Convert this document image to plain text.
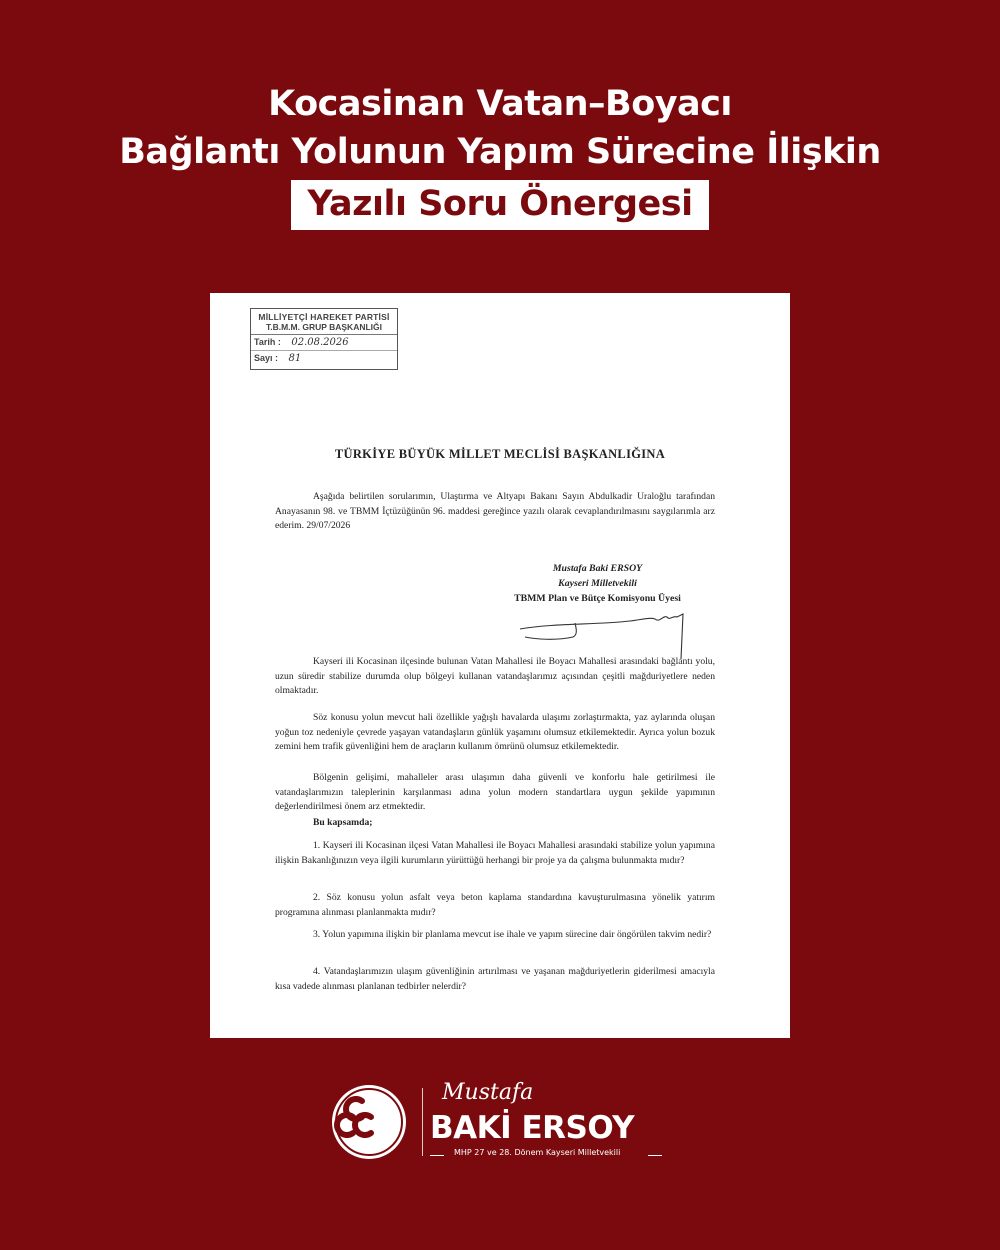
Kocasinan Vatan–Boyacı
Bağlantı Yolunun Yapım Sürecine İlişkin
Yazılı Soru Önergesi
MİLLİYETÇİ HAREKET PARTİSİ
T.B.M.M. GRUP BAŞKANLIĞI
Tarih : 02.08.2026
Sayı : 81
TÜRKİYE BÜYÜK MİLLET MECLİSİ BAŞKANLIĞINA
Aşağıda belirtilen sorularımın, Ulaştırma ve Altyapı Bakanı Sayın Abdulkadir Uraloğlu tarafından Anayasanın 98. ve TBMM İçtüzüğünün 96. maddesi gereğince yazılı olarak cevaplandırılmasını saygılarımla arz ederim. 29/07/2026
Mustafa Baki ERSOY
Kayseri Milletvekili
TBMM Plan ve Bütçe Komisyonu Üyesi
Kayseri ili Kocasinan ilçesinde bulunan Vatan Mahallesi ile Boyacı Mahallesi arasındaki bağlantı yolu, uzun süredir stabilize durumda olup bölgeyi kullanan vatandaşlarımız açısından çeşitli mağduriyetlere neden olmaktadır.
Söz konusu yolun mevcut hali özellikle yağışlı havalarda ulaşımı zorlaştırmakta, yaz aylarında oluşan yoğun toz nedeniyle çevrede yaşayan vatandaşların günlük yaşamını olumsuz etkilemektedir. Ayrıca yolun bozuk zemini hem trafik güvenliğini hem de araçların kullanım ömrünü olumsuz etkilemektedir.
Bölgenin gelişimi, mahalleler arası ulaşımın daha güvenli ve konforlu hale getirilmesi ile vatandaşlarımızın taleplerinin karşılanması adına yolun modern standartlara uygun şekilde yapımının değerlendirilmesi önem arz etmektedir.
Bu kapsamda;
1. Kayseri ili Kocasinan ilçesi Vatan Mahallesi ile Boyacı Mahallesi arasındaki stabilize yolun yapımına ilişkin Bakanlığınızın veya ilgili kurumların yürüttüğü herhangi bir proje ya da çalışma bulunmakta mıdır?
2. Söz konusu yolun asfalt veya beton kaplama standardına kavuşturulmasına yönelik yatırım programına alınması planlanmakta mıdır?
3. Yolun yapımına ilişkin bir planlama mevcut ise ihale ve yapım sürecine dair öngörülen takvim nedir?
4. Vatandaşlarımızın ulaşım güvenliğinin artırılması ve yaşanan mağduriyetlerin giderilmesi amacıyla kısa vadede alınması planlanan tedbirler nelerdir?
Mustafa
BAKİ ERSOY
MHP 27 ve 28. Dönem Kayseri Milletvekili
